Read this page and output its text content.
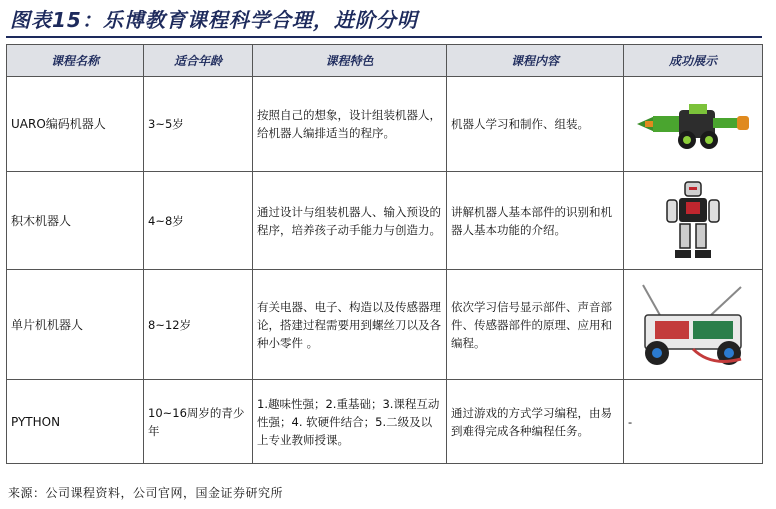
图表15：乐博教育课程科学合理，进阶分明
课程名称	适合年龄	课程特色	课程内容	成功展示
UARO编码机器人	3~5岁	按照自己的想象，设计组装机器人，给机器人编排适当的程序。	机器人学习和制作、组装。	

积木机器人	4~8岁	通过设计与组装机器人、输入预设的程序，培养孩子动手能力与创造力。	讲解机器人基本部件的识别和机器人基本功能的介绍。	

单片机机器人	8~12岁	有关电器、电子、构造以及传感器理论，搭建过程需要用到螺丝刀以及各种小零件 。	依次学习信号显示部件、声音部件、传感器部件的原理、应用和编程。	

PYTHON	10~16周岁的青少年	1.趣味性强；2.重基础；3.课程互动性强；4. 软硬件结合；5.二级及以上专业教师授课。	通过游戏的方式学习编程，由易到难得完成各种编程任务。	-
来源：公司课程资料，公司官网，国金证券研究所
